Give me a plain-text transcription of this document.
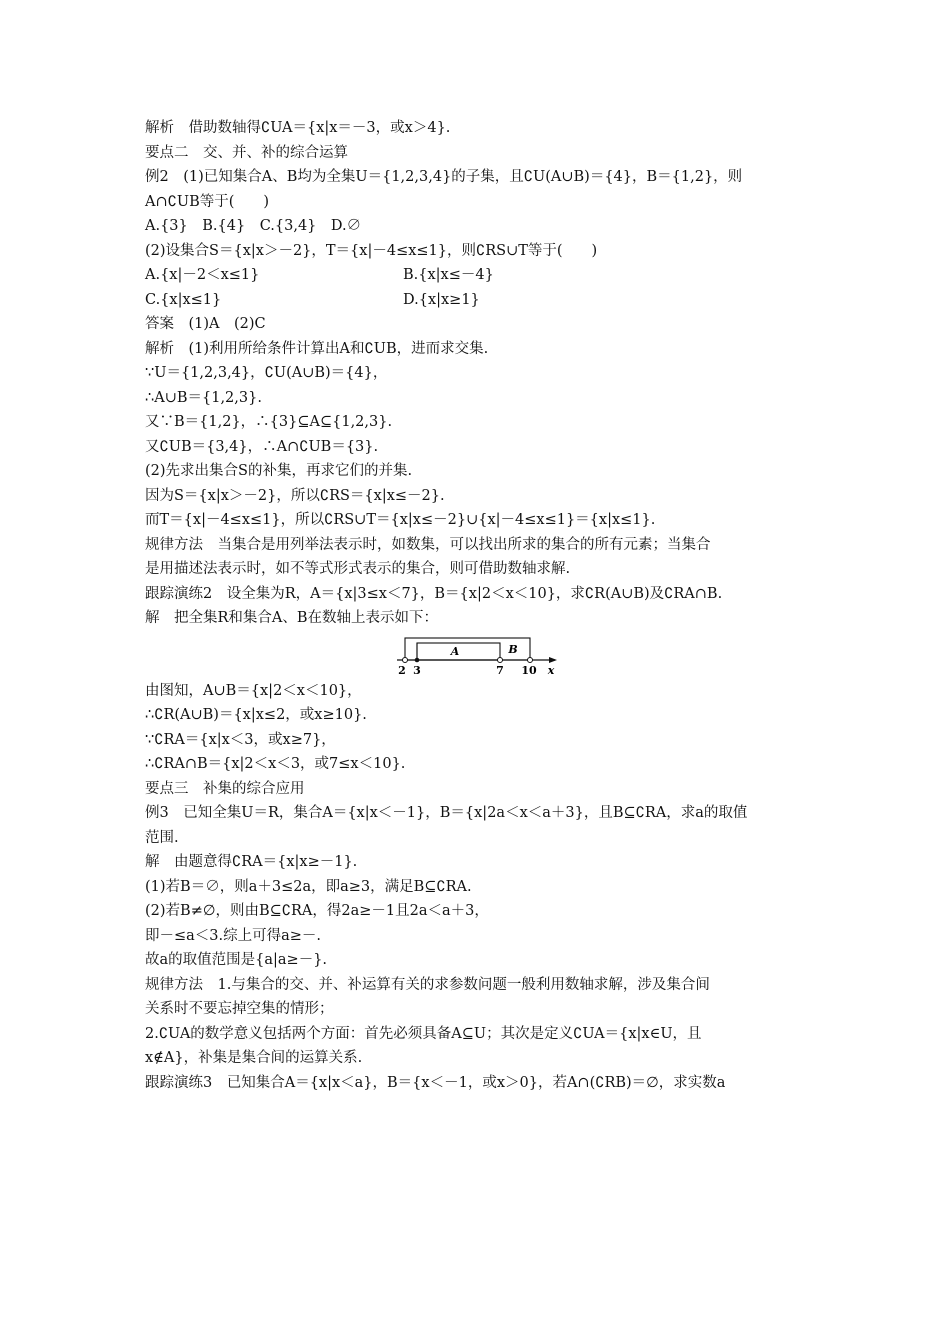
解析　借助数轴得∁UA＝{x|x＝－3，或x＞4}.
要点二　交、并、补的综合运算
例2　(1)已知集合A、B均为全集U＝{1,2,3,4}的子集，且∁U(A∪B)＝{4}，B＝{1,2}，则
A∩∁UB等于(　　)
A.{3}　B.{4}　C.{3,4}　D.∅
(2)设集合S＝{x|x＞－2}，T＝{x|－4≤x≤1}，则∁RS∪T等于(　　)
A.{x|－2＜x≤1}	B.{x|x≤－4}
C.{x|x≤1}	D.{x|x≥1}
答案　(1)A　(2)C
解析　(1)利用所给条件计算出A和∁UB，进而求交集.
∵U＝{1,2,3,4}，∁U(A∪B)＝{4}，
∴A∪B＝{1,2,3}.
又∵B＝{1,2}，∴{3}⊆A⊆{1,2,3}.
又∁UB＝{3,4}，∴A∩∁UB＝{3}.
(2)先求出集合S的补集，再求它们的并集.
因为S＝{x|x＞－2}，所以∁RS＝{x|x≤－2}.
而T＝{x|－4≤x≤1}，所以∁RS∪T＝{x|x≤－2}∪{x|－4≤x≤1}＝{x|x≤1}.
规律方法　当集合是用列举法表示时，如数集，可以找出所求的集合的所有元素；当集合
是用描述法表示时，如不等式形式表示的集合，则可借助数轴求解.
跟踪演练2　设全集为R，A＝{x|3≤x＜7}，B＝{x|2＜x＜10}，求∁R(A∪B)及∁RA∩B.
解　把全集R和集合A、B在数轴上表示如下：
A	B
2 3	7 10 x
由图知，A∪B＝{x|2＜x＜10}，
∴∁R(A∪B)＝{x|x≤2，或x≥10}.
∵∁RA＝{x|x＜3，或x≥7}，
∴∁RA∩B＝{x|2＜x＜3，或7≤x＜10}.
要点三　补集的综合应用
例3　已知全集U＝R，集合A＝{x|x＜－1}，B＝{x|2a＜x＜a＋3}，且B⊆∁RA，求a的取值
范围.
解　由题意得∁RA＝{x|x≥－1}.
(1)若B＝∅，则a＋3≤2a，即a≥3，满足B⊆∁RA.
(2)若B≠∅，则由B⊆∁RA，得2a≥－1且2a＜a＋3，
即－≤a＜3.综上可得a≥－.
故a的取值范围是{a|a≥－}.
规律方法　1.与集合的交、并、补运算有关的求参数问题一般利用数轴求解，涉及集合间
关系时不要忘掉空集的情形；
2.∁UA的数学意义包括两个方面：首先必须具备A⊆U；其次是定义∁UA＝{x|x∈U，且
x∉A}，补集是集合间的运算关系.
跟踪演练3　已知集合A＝{x|x＜a}，B＝{x＜－1，或x＞0}，若A∩(∁RB)＝∅，求实数a
